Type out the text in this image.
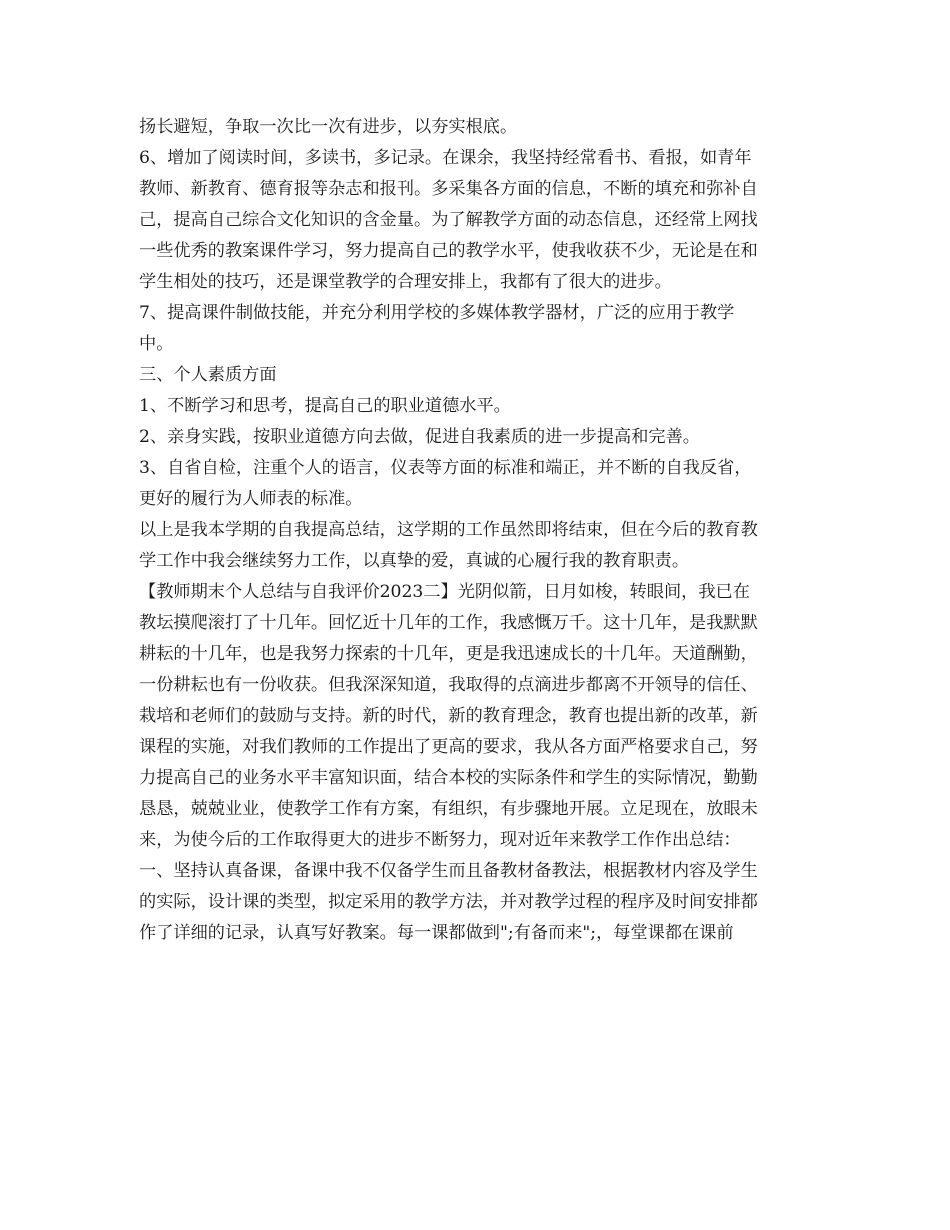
扬长避短，争取一次比一次有进步，以夯实根底。
6、增加了阅读时间，多读书，多记录。在课余，我坚持经常看书、看报，如青年
教师、新教育、德育报等杂志和报刊。多采集各方面的信息，不断的填充和弥补自
己，提高自己综合文化知识的含金量。为了解教学方面的动态信息，还经常上网找
一些优秀的教案课件学习，努力提高自己的教学水平，使我收获不少，无论是在和
学生相处的技巧，还是课堂教学的合理安排上，我都有了很大的进步。
7、提高课件制做技能，并充分利用学校的多媒体教学器材，广泛的应用于教学
中。
三、个人素质方面
1、不断学习和思考，提高自己的职业道德水平。
2、亲身实践，按职业道德方向去做，促进自我素质的进一步提高和完善。
3、自省自检，注重个人的语言，仪表等方面的标准和端正，并不断的自我反省，
更好的履行为人师表的标准。
以上是我本学期的自我提高总结，这学期的工作虽然即将结束，但在今后的教育教
学工作中我会继续努力工作，以真挚的爱，真诚的心履行我的教育职责。
【教师期末个人总结与自我评价2023二】光阴似箭，日月如梭，转眼间，我已在
教坛摸爬滚打了十几年。回忆近十几年的工作，我感慨万千。这十几年，是我默默
耕耘的十几年，也是我努力探索的十几年，更是我迅速成长的十几年。天道酬勤，
一份耕耘也有一份收获。但我深深知道，我取得的点滴进步都离不开领导的信任、
栽培和老师们的鼓励与支持。新的时代，新的教育理念，教育也提出新的改革，新
课程的实施，对我们教师的工作提出了更高的要求，我从各方面严格要求自己，努
力提高自己的业务水平丰富知识面，结合本校的实际条件和学生的实际情况，勤勤
恳恳，兢兢业业，使教学工作有方案，有组织，有步骤地开展。立足现在，放眼未
来，为使今后的工作取得更大的进步不断努力，现对近年来教学工作作出总结：
一、坚持认真备课，备课中我不仅备学生而且备教材备教法，根据教材内容及学生
的实际，设计课的类型，拟定采用的教学方法，并对教学过程的程序及时间安排都
作了详细的记录，认真写好教案。每一课都做到";有备而来";，每堂课都在课前
